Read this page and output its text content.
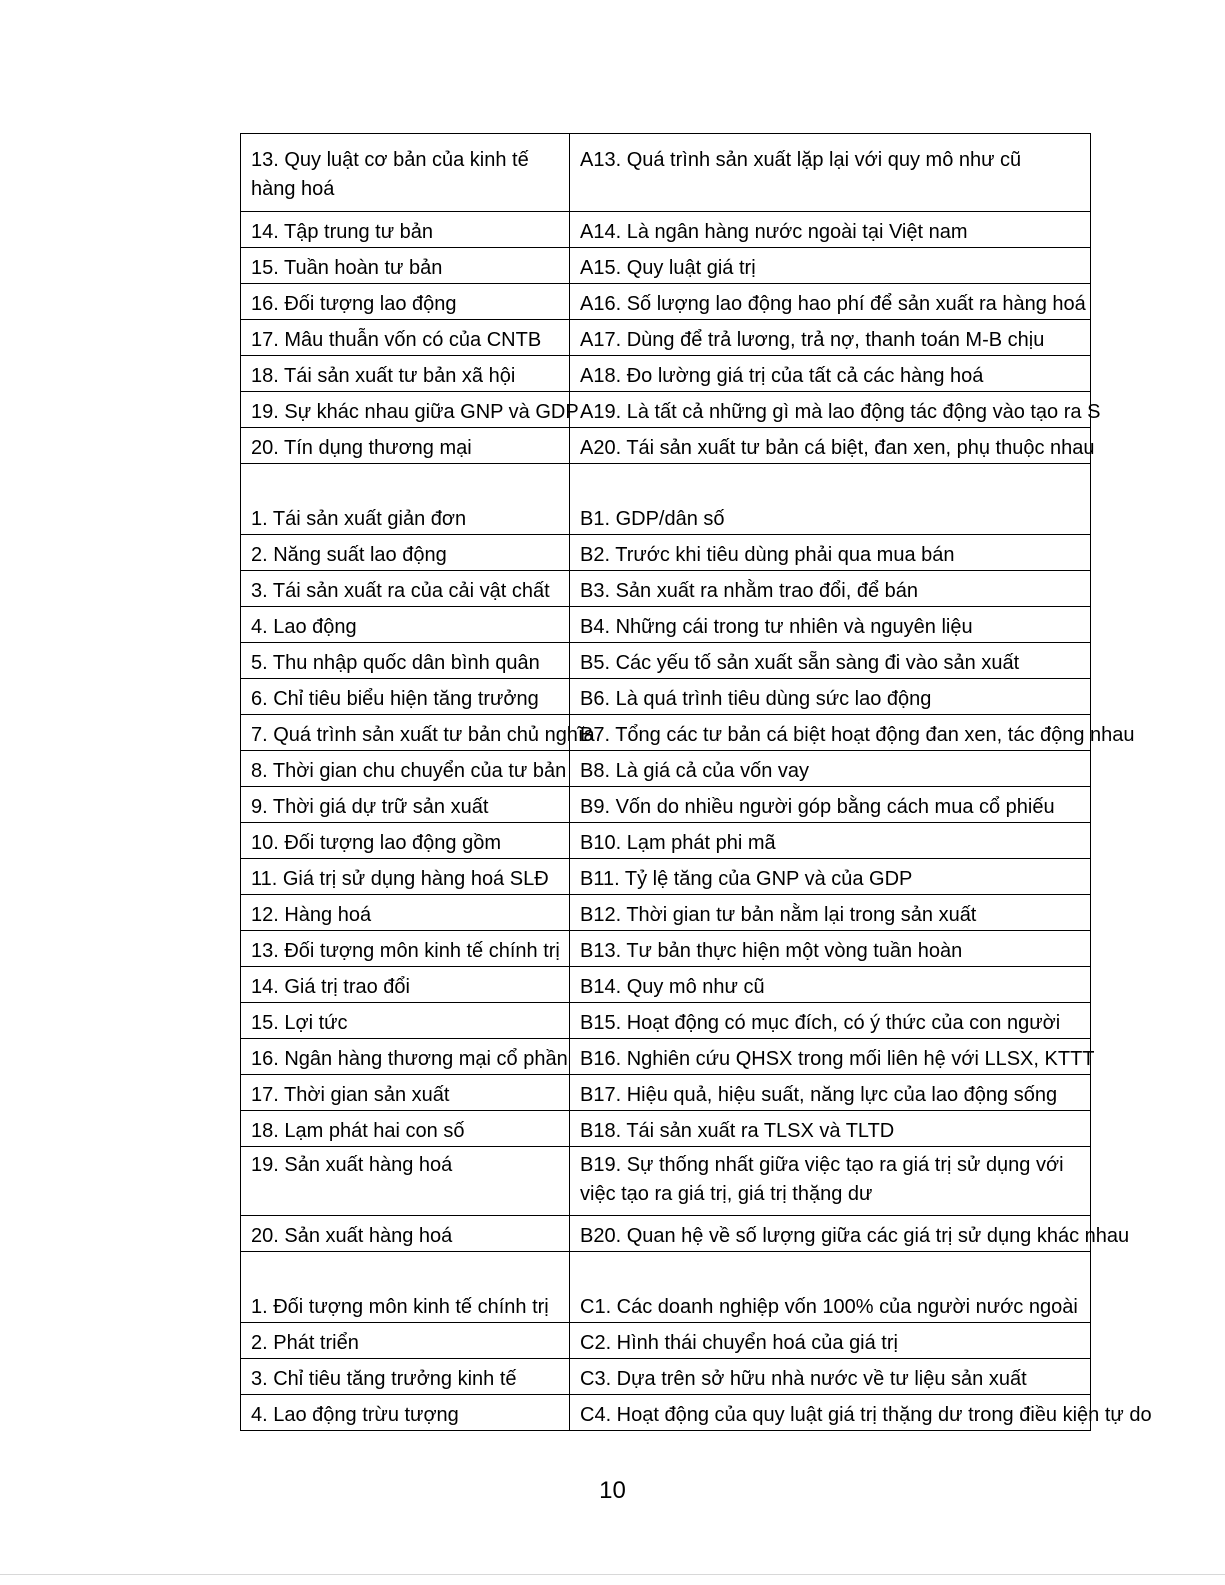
13. Quy luật cơ bản của kinh tế hàng hoá	A13. Quá trình sản xuất lặp lại với quy mô như cũ
14. Tập trung tư bản	A14. Là ngân hàng nước ngoài tại Việt nam
15. Tuần hoàn tư bản	A15. Quy luật giá trị
16. Đối tượng lao động	A16. Số lượng lao động hao phí để sản xuất ra hàng hoá
17. Mâu thuẫn vốn có của CNTB	A17. Dùng để trả lương, trả nợ, thanh toán M-B chịu
18. Tái sản xuất tư bản xã hội	A18. Đo lường giá trị của tất cả các hàng hoá
19. Sự khác nhau giữa GNP và GDP	A19. Là tất cả những gì mà lao động tác động vào tạo ra S
20. Tín dụng thương mại	A20. Tái sản xuất tư bản cá biệt, đan xen, phụ thuộc nhau
1. Tái sản xuất giản đơn	B1. GDP/dân số
2. Năng suất lao động	B2. Trước khi tiêu dùng phải qua mua bán
3. Tái sản xuất ra của cải vật chất	B3. Sản xuất ra nhằm trao đổi, để bán
4. Lao động	B4. Những cái trong tư nhiên và nguyên liệu
5. Thu nhập quốc dân bình quân	B5. Các yếu tố sản xuất sẵn sàng đi vào sản xuất
6. Chỉ tiêu biểu hiện tăng trưởng	B6. Là quá trình tiêu dùng sức lao động
7. Quá trình sản xuất tư bản chủ nghĩa	B7. Tổng các tư bản cá biệt hoạt động đan xen, tác động nhau
8. Thời gian chu chuyển của tư bản	B8. Là giá cả của vốn vay
9. Thời giá dự trữ sản xuất	B9. Vốn do nhiều người góp bằng cách mua cổ phiếu
10. Đối tượng lao động gồm	B10. Lạm phát phi mã
11. Giá trị sử dụng hàng hoá SLĐ	B11. Tỷ lệ tăng của GNP và của GDP
12. Hàng hoá	B12. Thời gian tư bản nằm lại trong sản xuất
13. Đối tượng môn kinh tế chính trị	B13. Tư bản thực hiện một vòng tuần hoàn
14. Giá trị trao đổi	B14. Quy mô như cũ
15. Lợi tức	B15. Hoạt động có mục đích, có ý thức của con người
16. Ngân hàng thương mại cổ phần	B16. Nghiên cứu QHSX trong mối liên hệ với LLSX, KTTT
17. Thời gian sản xuất	B17. Hiệu quả, hiệu suất, năng lực của lao động sống
18. Lạm phát hai con số	B18. Tái sản xuất ra TLSX và TLTD
19. Sản xuất hàng hoá	B19. Sự thống nhất giữa việc tạo ra giá trị sử dụng với việc tạo ra giá trị, giá trị thặng dư
20. Sản xuất hàng hoá	B20. Quan hệ về số lượng giữa các giá trị sử dụng khác nhau
1. Đối tượng môn kinh tế chính trị	C1. Các doanh nghiệp vốn 100% của người nước ngoài
2. Phát triển	C2. Hình thái chuyển hoá của giá trị
3. Chỉ tiêu tăng trưởng kinh tế	C3. Dựa trên sở hữu nhà nước về tư liệu sản xuất
4. Lao động trừu tượng	C4. Hoạt động của quy luật giá trị thặng dư trong điều kiện tự do
10
